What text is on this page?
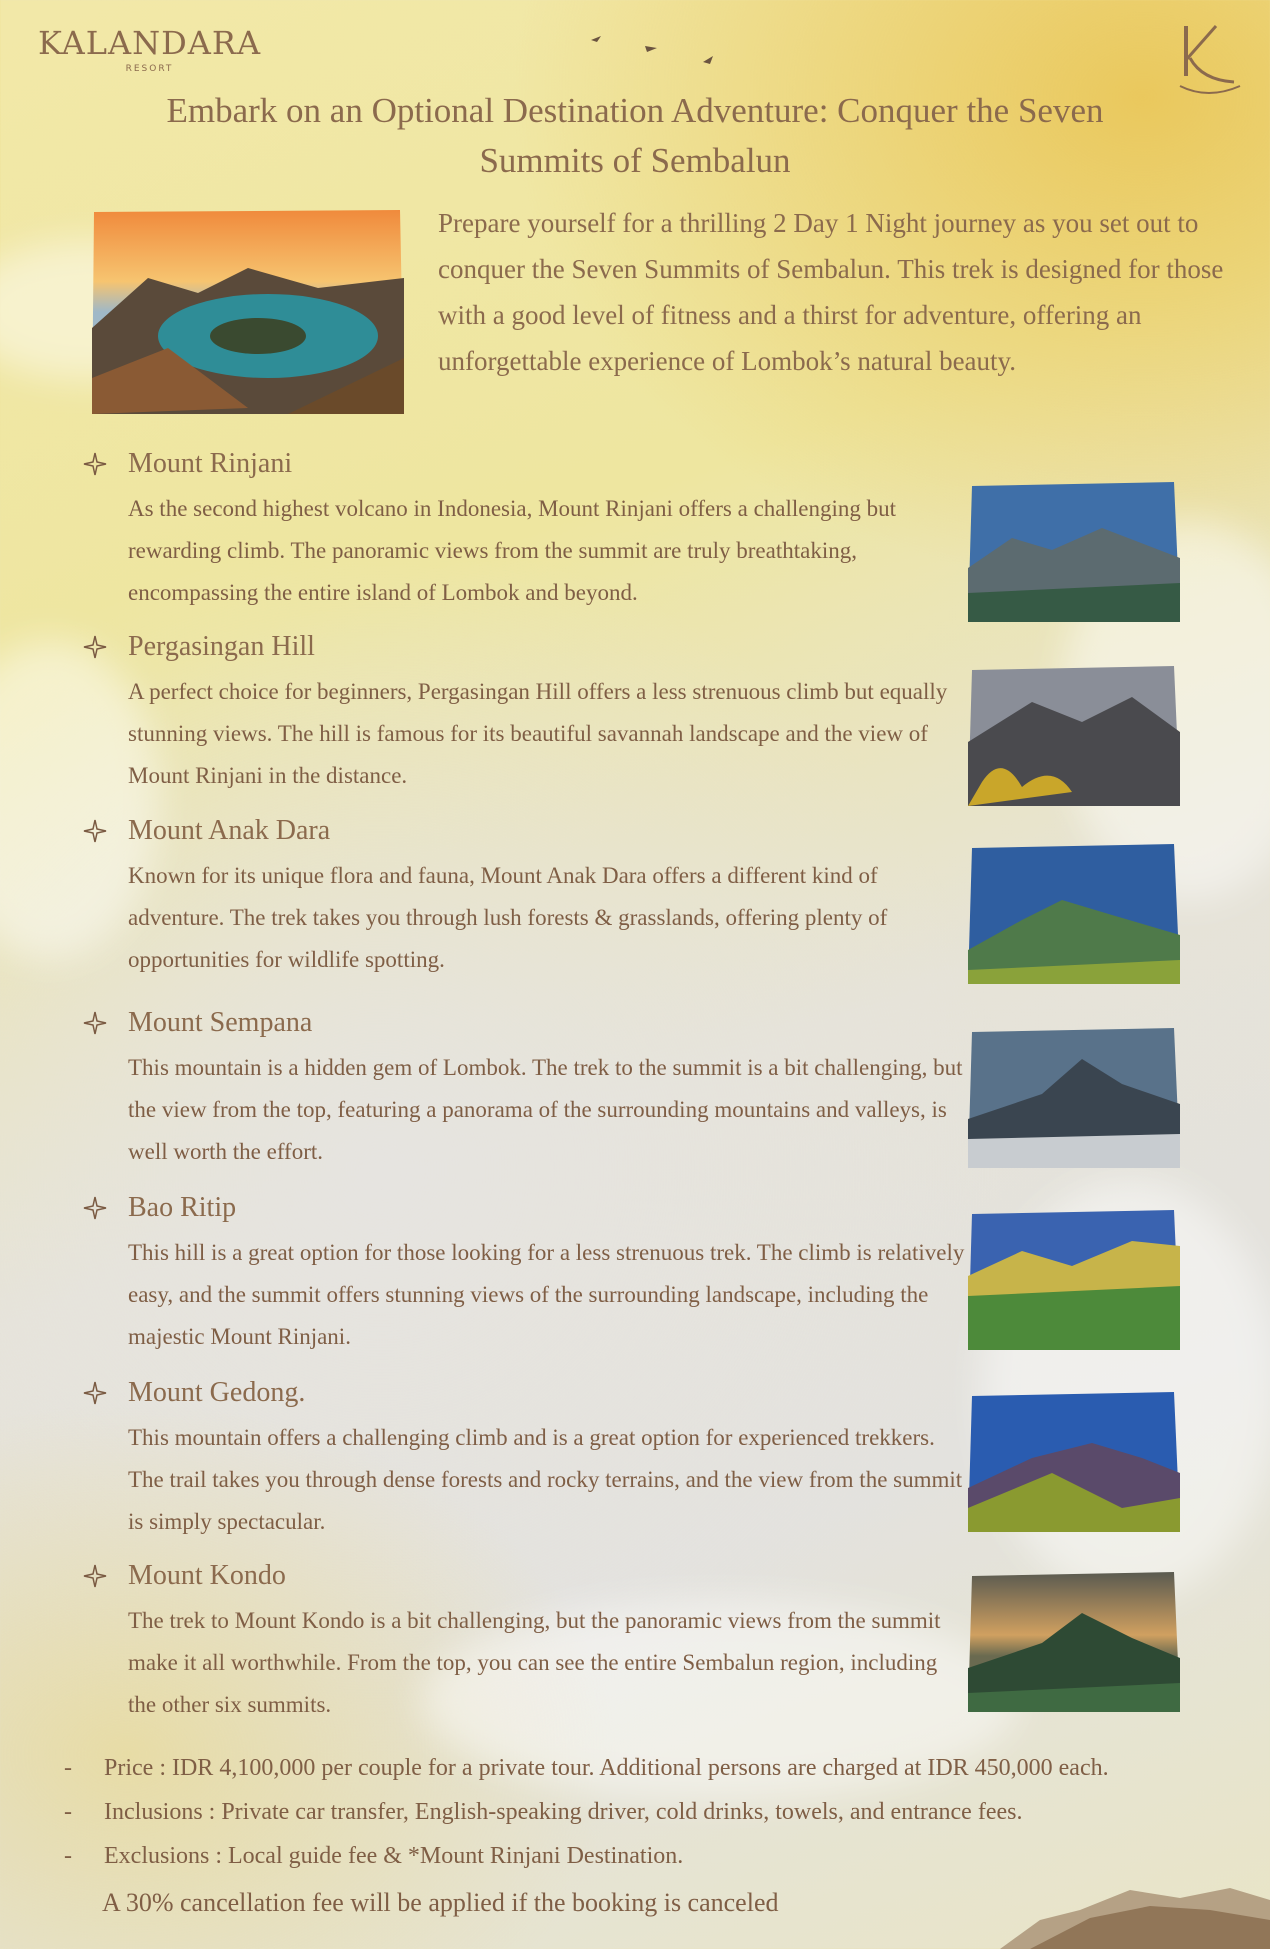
KALANDARA
RESORT
Embark on an Optional Destination Adventure: Conquer the Seven Summits of Sembalun
Prepare yourself for a thrilling 2 Day 1 Night journey as you set out to conquer the Seven Summits of Sembalun. This trek is designed for those with a good level of fitness and a thirst for adventure, offering an unforgettable experience of Lombok’s natural beauty.
Mount Rinjani
As the second highest volcano in Indonesia, Mount Rinjani offers a challenging but rewarding climb. The panoramic views from the summit are truly breathtaking, encompassing the entire island of Lombok and beyond.
Pergasingan Hill
A perfect choice for beginners, Pergasingan Hill offers a less strenuous climb but equally stunning views. The hill is famous for its beautiful savannah landscape and the view of Mount Rinjani in the distance.
Mount Anak Dara
Known for its unique flora and fauna, Mount Anak Dara offers a different kind of adventure. The trek takes you through lush forests & grasslands, offering plenty of opportunities for wildlife spotting.
Mount Sempana
This mountain is a hidden gem of Lombok. The trek to the summit is a bit challenging, but the view from the top, featuring a panorama of the surrounding mountains and valleys, is well worth the effort.
Bao Ritip
This hill is a great option for those looking for a less strenuous trek. The climb is relatively easy, and the summit offers stunning views of the surrounding landscape, including the majestic Mount Rinjani.
Mount Gedong.
This mountain offers a challenging climb and is a great option for experienced trekkers. The trail takes you through dense forests and rocky terrains, and the view from the summit is simply spectacular.
Mount Kondo
The trek to Mount Kondo is a bit challenging, but the panoramic views from the summit make it all worthwhile. From the top, you can see the entire Sembalun region, including the other six summits.
-	Price : IDR 4,100,000 per couple for a private tour. Additional persons are charged at IDR 450,000 each.
-	Inclusions : Private car transfer, English-speaking driver, cold drinks, towels, and entrance fees.
-	Exclusions : Local guide fee & *Mount Rinjani Destination.
A 30% cancellation fee will be applied if the booking is canceled
